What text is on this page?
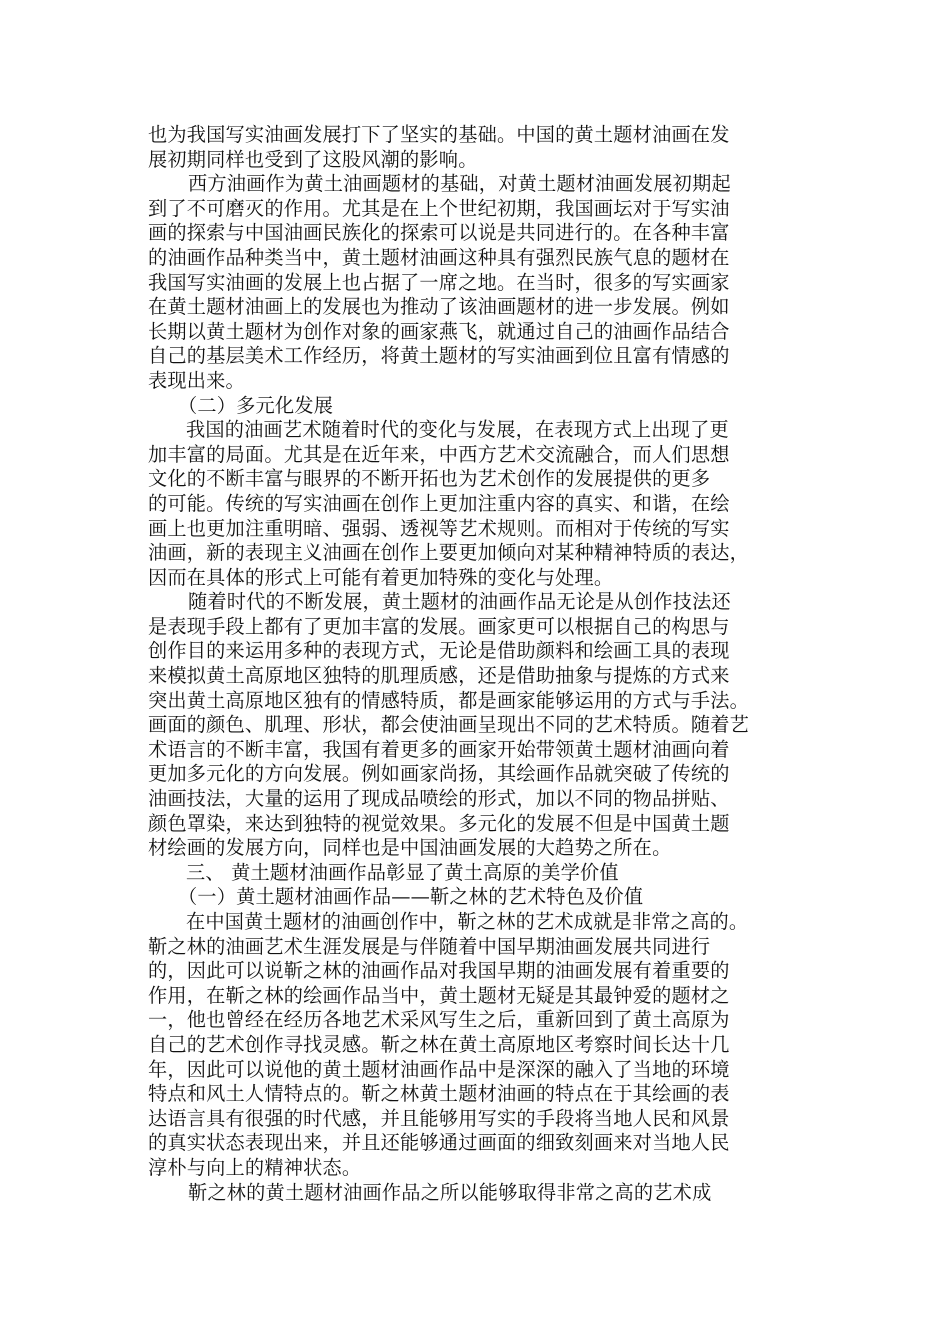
也为我国写实油画发展打下了坚实的基础。中国的黄土题材油画在发
展初期同样也受到了这股风潮的影响。
西方油画作为黄土油画题材的基础，对黄土题材油画发展初期起
到了不可磨灭的作用。尤其是在上个世纪初期，我国画坛对于写实油
画的探索与中国油画民族化的探索可以说是共同进行的。在各种丰富
的油画作品种类当中，黄土题材油画这种具有强烈民族气息的题材在
我国写实油画的发展上也占据了一席之地。在当时，很多的写实画家
在黄土题材油画上的发展也为推动了该油画题材的进一步发展。例如
长期以黄土题材为创作对象的画家燕飞，就通过自己的油画作品结合
自己的基层美术工作经历，将黄土题材的写实油画到位且富有情感的
表现出来。
（二）多元化发展
我国的油画艺术随着时代的变化与发展，在表现方式上出现了更
加丰富的局面。尤其是在近年来，中西方艺术交流融合，而人们思想
文化的不断丰富与眼界的不断开拓也为艺术创作的发展提供的更多
的可能。传统的写实油画在创作上更加注重内容的真实、和谐，在绘
画上也更加注重明暗、强弱、透视等艺术规则。而相对于传统的写实
油画，新的表现主义油画在创作上要更加倾向对某种精神特质的表达，
因而在具体的形式上可能有着更加特殊的变化与处理。
随着时代的不断发展，黄土题材的油画作品无论是从创作技法还
是表现手段上都有了更加丰富的发展。画家更可以根据自己的构思与
创作目的来运用多种的表现方式，无论是借助颜料和绘画工具的表现
来模拟黄土高原地区独特的肌理质感，还是借助抽象与提炼的方式来
突出黄土高原地区独有的情感特质，都是画家能够运用的方式与手法。
画面的颜色、肌理、形状，都会使油画呈现出不同的艺术特质。随着艺
术语言的不断丰富，我国有着更多的画家开始带领黄土题材油画向着
更加多元化的方向发展。例如画家尚扬，其绘画作品就突破了传统的
油画技法，大量的运用了现成品喷绘的形式，加以不同的物品拼贴、
颜色罩染，来达到独特的视觉效果。多元化的发展不但是中国黄土题
材绘画的发展方向，同样也是中国油画发展的大趋势之所在。
三、 黄土题材油画作品彰显了黄土高原的美学价值
（一）黄土题材油画作品——靳之林的艺术特色及价值
在中国黄土题材的油画创作中，靳之林的艺术成就是非常之高的。
靳之林的油画艺术生涯发展是与伴随着中国早期油画发展共同进行
的，因此可以说靳之林的油画作品对我国早期的油画发展有着重要的
作用，在靳之林的绘画作品当中，黄土题材无疑是其最钟爱的题材之
一，他也曾经在经历各地艺术采风写生之后，重新回到了黄土高原为
自己的艺术创作寻找灵感。靳之林在黄土高原地区考察时间长达十几
年，因此可以说他的黄土题材油画作品中是深深的融入了当地的环境
特点和风土人情特点的。靳之林黄土题材油画的特点在于其绘画的表
达语言具有很强的时代感，并且能够用写实的手段将当地人民和风景
的真实状态表现出来，并且还能够通过画面的细致刻画来对当地人民
淳朴与向上的精神状态。
靳之林的黄土题材油画作品之所以能够取得非常之高的艺术成
